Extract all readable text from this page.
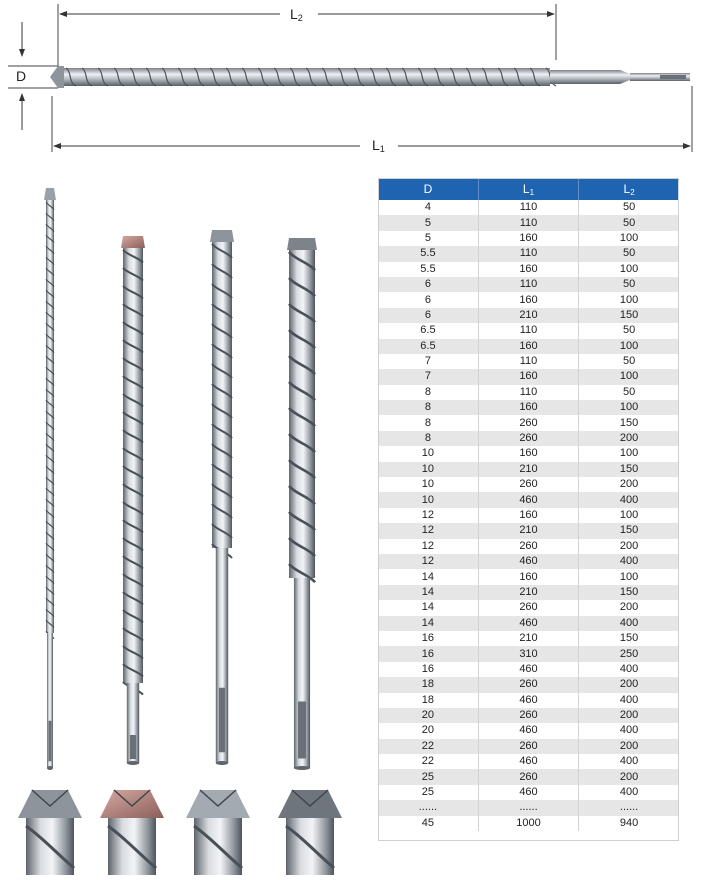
$L_2$
D
$L_1$
D	$L_1$	$L_2$
4	110	50
5	110	50
5	160	100
5.5	110	50
5.5	160	100
6	110	50
6	160	100
6	210	150
6.5	110	50
6.5	160	100
7	110	50
7	160	100
8	110	50
8	160	100
8	260	150
8	260	200
10	160	100
10	210	150
10	260	200
10	460	400
12	160	100
12	210	150
12	260	200
12	460	400
14	160	100
14	210	150
14	260	200
14	460	400
16	210	150
16	310	250
16	460	400
18	260	200
18	460	400
20	260	200
20	460	400
22	260	200
22	460	400
25	260	200
25	460	400
......	......	......
45	1000	940
